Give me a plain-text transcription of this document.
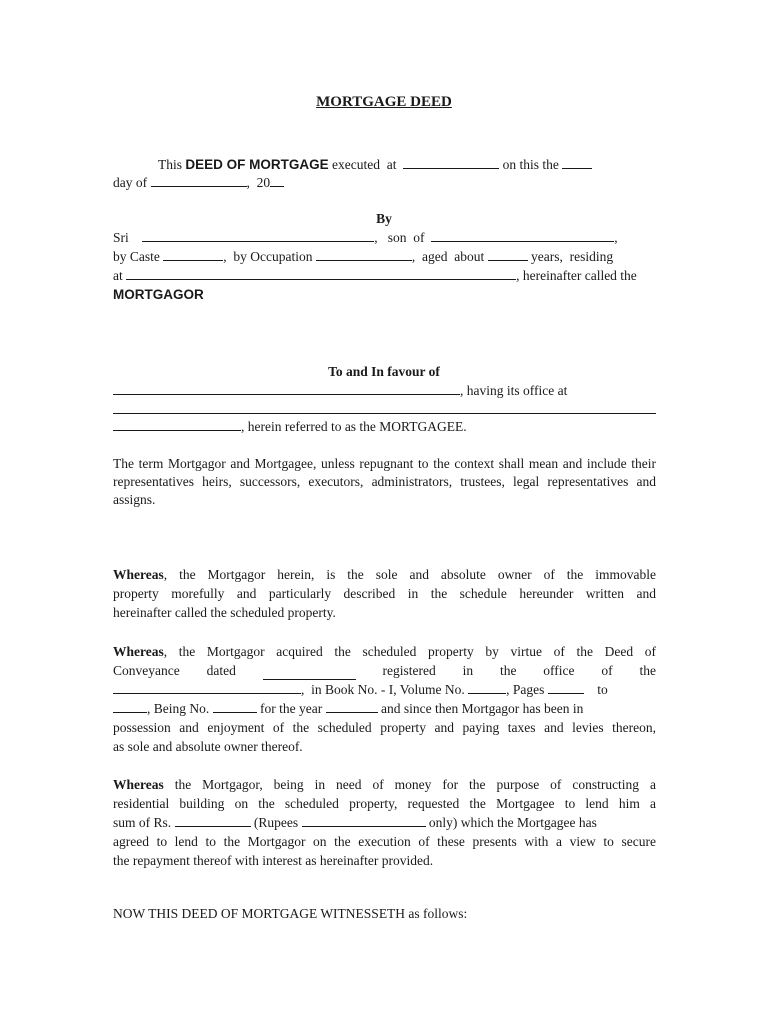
MORTGAGE DEED
This DEED OF MORTGAGE executed  at	on this the
day of	,  20
By
Sri	,   son  of	,
by Caste	,  by Occupation	,  aged  about	years,  residing
at	, hereinafter called the
MORTGAGOR
To and In favour of
, having its office at
, herein referred to as the MORTGAGEE.
The term Mortgagor and Mortgagee, unless repugnant to the context shall mean and include their representatives heirs, successors, executors, administrators, trustees, legal representatives and assigns.
Whereas, the Mortgagor herein, is the sole and absolute owner of the immovable
property morefully and particularly described in the schedule hereunder written and
hereinafter called the scheduled property.
Whereas, the Mortgagor acquired the scheduled property by virtue of the Deed of
Conveyance dated	registered in the office of the
,  in Book No. - I, Volume No.	, Pages	to
, Being No.	for the year	and since then Mortgagor has been in
possession and enjoyment of the scheduled property and paying taxes and levies thereon,
as sole and absolute owner thereof.
Whereas the Mortgagor, being in need of money for the purpose of constructing a
residential building on the scheduled property, requested the Mortgagee to lend him a
sum of Rs.	(Rupees	only) which the Mortgagee has
agreed to lend to the Mortgagor on the execution of these presents with a view to secure
the repayment thereof with interest as hereinafter provided.
NOW THIS DEED OF MORTGAGE WITNESSETH as follows:
